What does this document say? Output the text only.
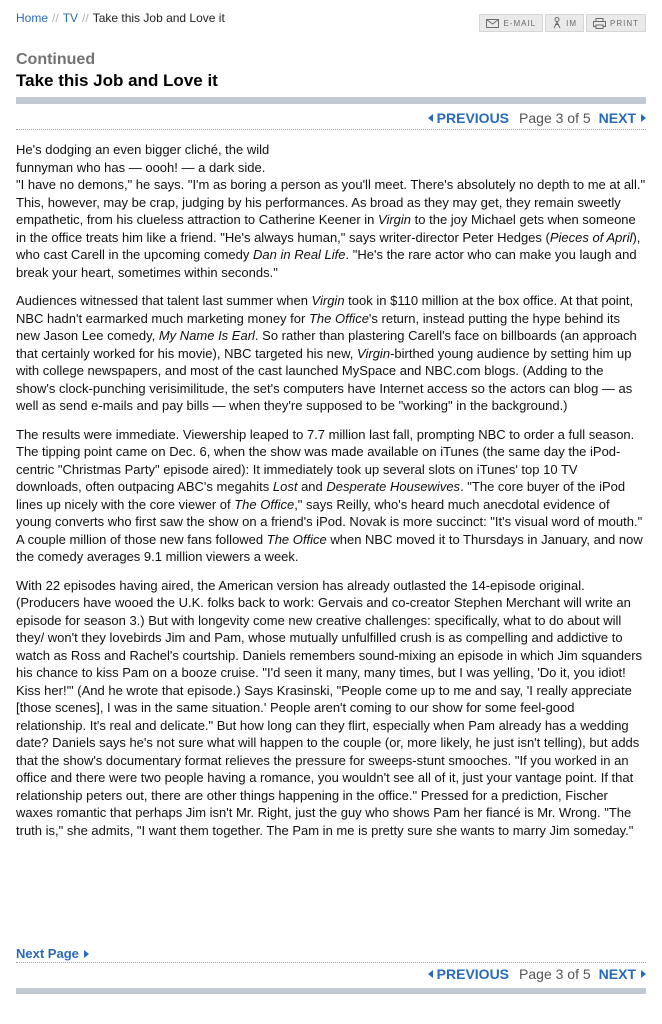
Home // TV // Take this Job and Love it	E-MAIL	IM	PRINT
Continued
Take this Job and Love it
PREVIOUS Page 3 of 5 NEXT

He's dodging an even bigger cliché, the wild
funnyman who has — oooh! — a dark side.
"I have no demons," he says. "I'm as boring a person as you'll meet. There's absolutely no depth to me at all." This, however, may be crap, judging by his performances. As broad as they may get, they remain sweetly empathetic, from his clueless attraction to Catherine Keener in Virgin to the joy Michael gets when someone in the office treats him like a friend. "He's always human," says writer-director Peter Hedges (Pieces of April), who cast Carell in the upcoming comedy Dan in Real Life. "He's the rare actor who can make you laugh and break your heart, sometimes within seconds."

Audiences witnessed that talent last summer when Virgin took in $110 million at the box office. At that point, NBC hadn't earmarked much marketing money for The Office's return, instead putting the hype behind its new Jason Lee comedy, My Name Is Earl. So rather than plastering Carell's face on billboards (an approach that certainly worked for his movie), NBC targeted his new, Virgin-birthed young audience by setting him up with college newspapers, and most of the cast launched MySpace and NBC.com blogs. (Adding to the show's clock-punching verisimilitude, the set's computers have Internet access so the actors can blog — as well as send e-mails and pay bills — when they're supposed to be "working" in the background.)

The results were immediate. Viewership leaped to 7.7 million last fall, prompting NBC to order a full season. The tipping point came on Dec. 6, when the show was made available on iTunes (the same day the iPod-centric "Christmas Party" episode aired): It immediately took up several slots on iTunes' top 10 TV downloads, often outpacing ABC's megahits Lost and Desperate Housewives. "The core buyer of the iPod lines up nicely with the core viewer of The Office," says Reilly, who's heard much anecdotal evidence of young converts who first saw the show on a friend's iPod. Novak is more succinct: "It's visual word of mouth." A couple million of those new fans followed The Office when NBC moved it to Thursdays in January, and now the comedy averages 9.1 million viewers a week.

With 22 episodes having aired, the American version has already outlasted the 14-episode original. (Producers have wooed the U.K. folks back to work: Gervais and co-creator Stephen Merchant will write an episode for season 3.) But with longevity come new creative challenges: specifically, what to do about will they/ won't they lovebirds Jim and Pam, whose mutually unfulfilled crush is as compelling and addictive to watch as Ross and Rachel's courtship. Daniels remembers sound-mixing an episode in which Jim squanders his chance to kiss Pam on a booze cruise. "I'd seen it many, many times, but I was yelling, 'Do it, you idiot! Kiss her!'" (And he wrote that episode.) Says Krasinski, "People come up to me and say, 'I really appreciate [those scenes], I was in the same situation.' People aren't coming to our show for some feel-good relationship. It's real and delicate." But how long can they flirt, especially when Pam already has a wedding date? Daniels says he's not sure what will happen to the couple (or, more likely, he just isn't telling), but adds that the show's documentary format relieves the pressure for sweeps-stunt smooches. "If you worked in an office and there were two people having a romance, you wouldn't see all of it, just your vantage point. If that relationship peters out, there are other things happening in the office." Pressed for a prediction, Fischer waxes romantic that perhaps Jim isn't Mr. Right, just the guy who shows Pam her fiancé is Mr. Wrong. "The truth is," she admits, "I want them together. The Pam in me is pretty sure she wants to marry Jim someday."

Next Page
PREVIOUS Page 3 of 5 NEXT
